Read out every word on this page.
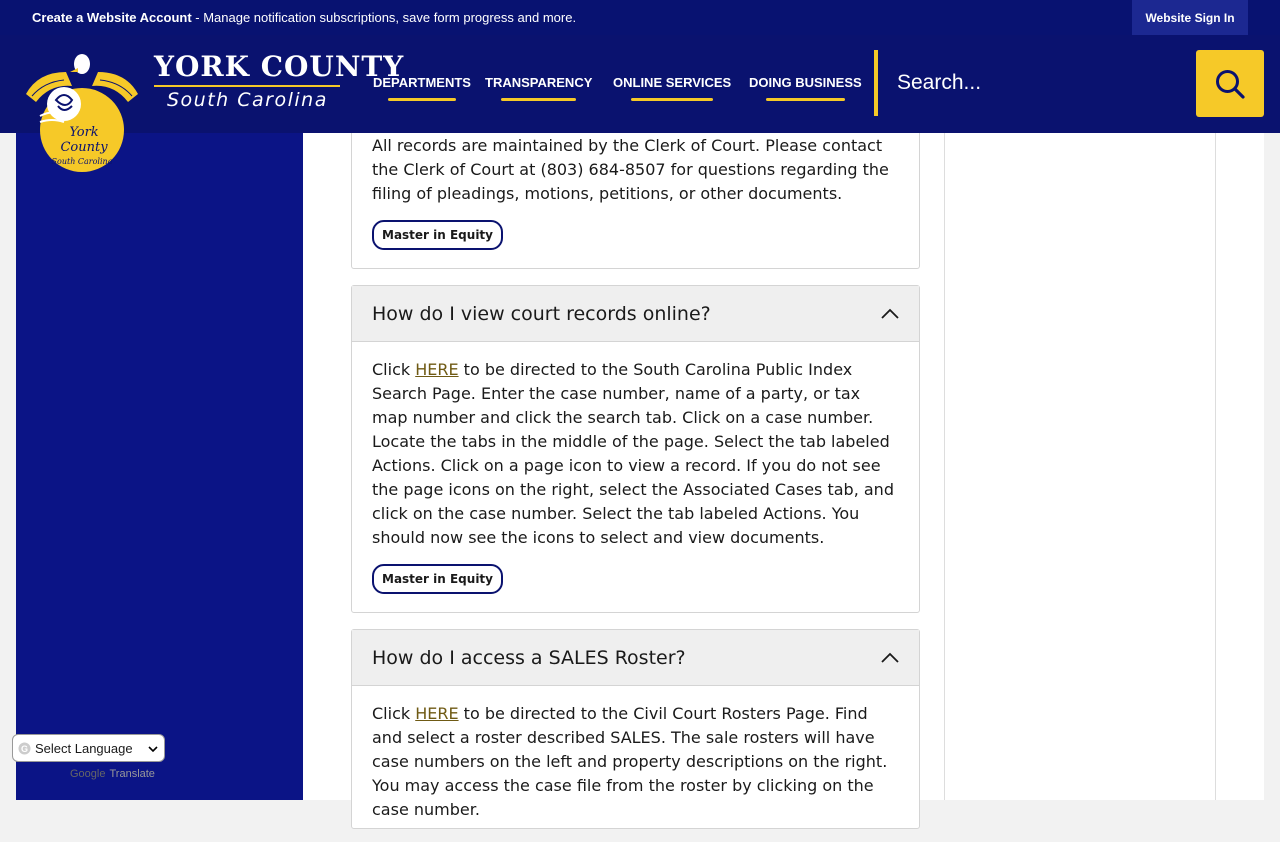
All records are maintained by the Clerk of Court. Please contact the Clerk of Court at (803) 684-8507 for questions regarding the filing of pleadings, motions, petitions, or other documents.
Master in Equity
How do I view court records online?
Click HERE to be directed to the South Carolina Public Index Search Page. Enter the case number, name of a party, or tax map number and click the search tab. Click on a case number. Locate the tabs in the middle of the page. Select the tab labeled Actions. Click on a page icon to view a record. If you do not see the page icons on the right, select the Associated Cases tab, and click on the case number. Select the tab labeled Actions. You should now see the icons to select and view documents.
Master in Equity
How do I access a SALES Roster?
Click HERE to be directed to the Civil Court Rosters Page. Find and select a roster described SALES. The sale rosters will have case numbers on the left and property descriptions on the right. You may access the case file from the roster by clicking on the case number.
Create a Website Account - Manage notification subscriptions, save form progress and more.	Website Sign In
York
County
South Carolina
YORK COUNTY
South Carolina
DEPARTMENTS TRANSPARENCY ONLINE SERVICES DOING BUSINESS
Search...
G Select Language
Google Translate
